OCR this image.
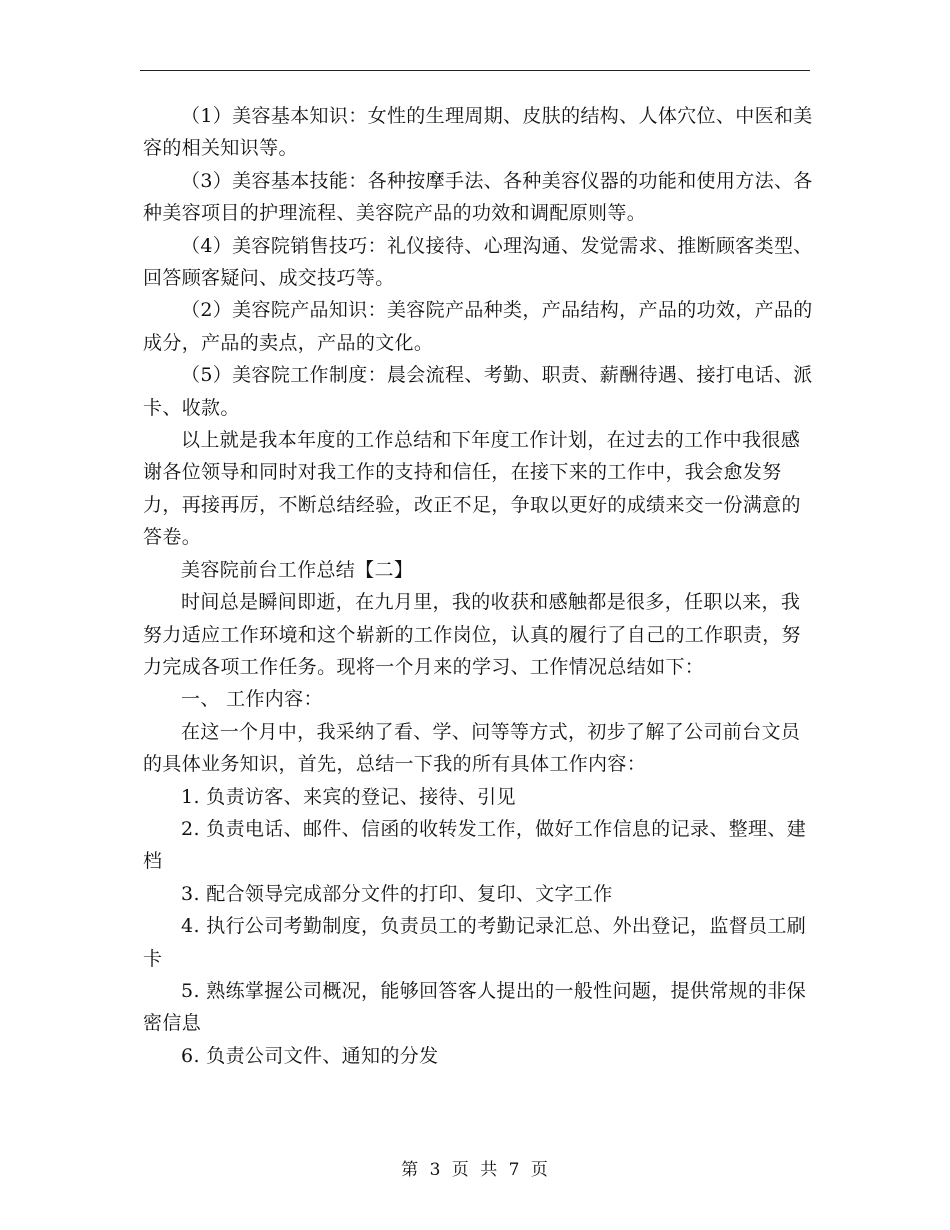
（1）美容基本知识：女性的生理周期、皮肤的结构、人体穴位、中医和美容的相关知识等。

（3）美容基本技能：各种按摩手法、各种美容仪器的功能和使用方法、各种美容项目的护理流程、美容院产品的功效和调配原则等。

（4）美容院销售技巧：礼仪接待、心理沟通、发觉需求、推断顾客类型、回答顾客疑问、成交技巧等。

（2）美容院产品知识：美容院产品种类，产品结构，产品的功效，产品的成分，产品的卖点，产品的文化。

（5）美容院工作制度：晨会流程、考勤、职责、薪酬待遇、接打电话、派卡、收款。

以上就是我本年度的工作总结和下年度工作计划，在过去的工作中我很感谢各位领导和同时对我工作的支持和信任，在接下来的工作中，我会愈发努力，再接再厉，不断总结经验，改正不足，争取以更好的成绩来交一份满意的答卷。

美容院前台工作总结【二】

时间总是瞬间即逝，在九月里，我的收获和感触都是很多，任职以来，我努力适应工作环境和这个崭新的工作岗位，认真的履行了自己的工作职责，努力完成各项工作任务。现将一个月来的学习、工作情况总结如下：

一、 工作内容：

在这一个月中，我采纳了看、学、问等等方式，初步了解了公司前台文员的具体业务知识，首先，总结一下我的所有具体工作内容：

1. 负责访客、来宾的登记、接待、引见

2. 负责电话、邮件、信函的收转发工作，做好工作信息的记录、整理、建档

3. 配合领导完成部分文件的打印、复印、文字工作

4. 执行公司考勤制度，负责员工的考勤记录汇总、外出登记，监督员工刷卡

5. 熟练掌握公司概况，能够回答客人提出的一般性问题，提供常规的非保密信息

6. 负责公司文件、通知的分发

第 3 页 共 7 页
